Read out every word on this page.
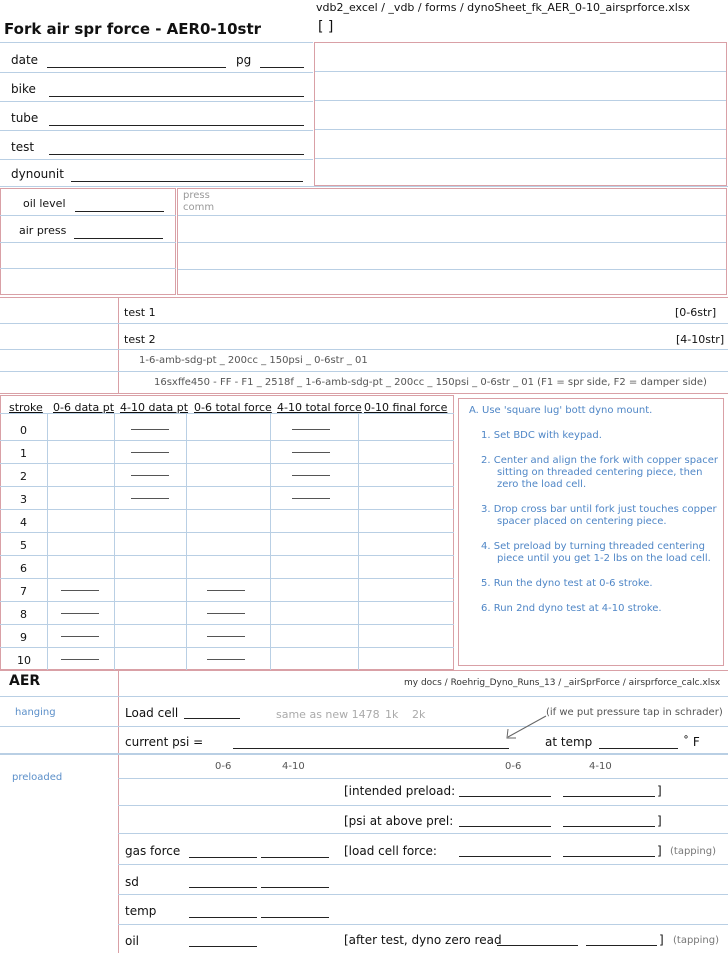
vdb2_excel / _vdb / forms / dynoSheet_fk_AER_0-10_airsprforce.xlsx
Fork air spr force - AER 0-10str	[ ]
date	pg
bike
tube
test
dynounit
oil level
air press
press
comm
test 1	[0-6str]
test 2	[4-10str]
1-6-amb-sdg-pt _ 200cc _ 150psi _ 0-6str _ 01
16sxffe450 - FF - F1 _ 2518f _ 1-6-amb-sdg-pt _ 200cc _ 150psi _ 0-6str _ 01 (F1 = spr side, F2 = damper side)
stroke 0-6 data pt 4-10 data pt 0-6 total force 4-10 total force 0-10 final force
0
1
2
3
4
5
6
7
8
9
10
A. Use 'square lug' bott dyno mount.
1. Set BDC with keypad.
2. Center and align the fork with copper spacer
sitting on threaded centering piece, then
zero the load cell.
3. Drop cross bar until fork just touches copper
spacer placed on centering piece.
4. Set preload by turning threaded centering
piece until you get 1-2 lbs on the load cell.
5. Run the dyno test at 0-6 stroke.
6. Run 2nd dyno test at 4-10 stroke.
AER	my docs / Roehrig_Dyno_Runs_13 / _airSprForce / airsprforce_calc.xlsx
hanging	Load cell	same as new 1478 1k 2k	(if we put pressure tap in schrader)
current psi =	at temp	˚ F
preloaded
0-6	4-10	0-6	4-10
[intended preload:	]
[psi at above prel:	]
gas force	[load cell force:	] (tapping)
sd
temp
oil	[after test, dyno zero read	] (tapping)
